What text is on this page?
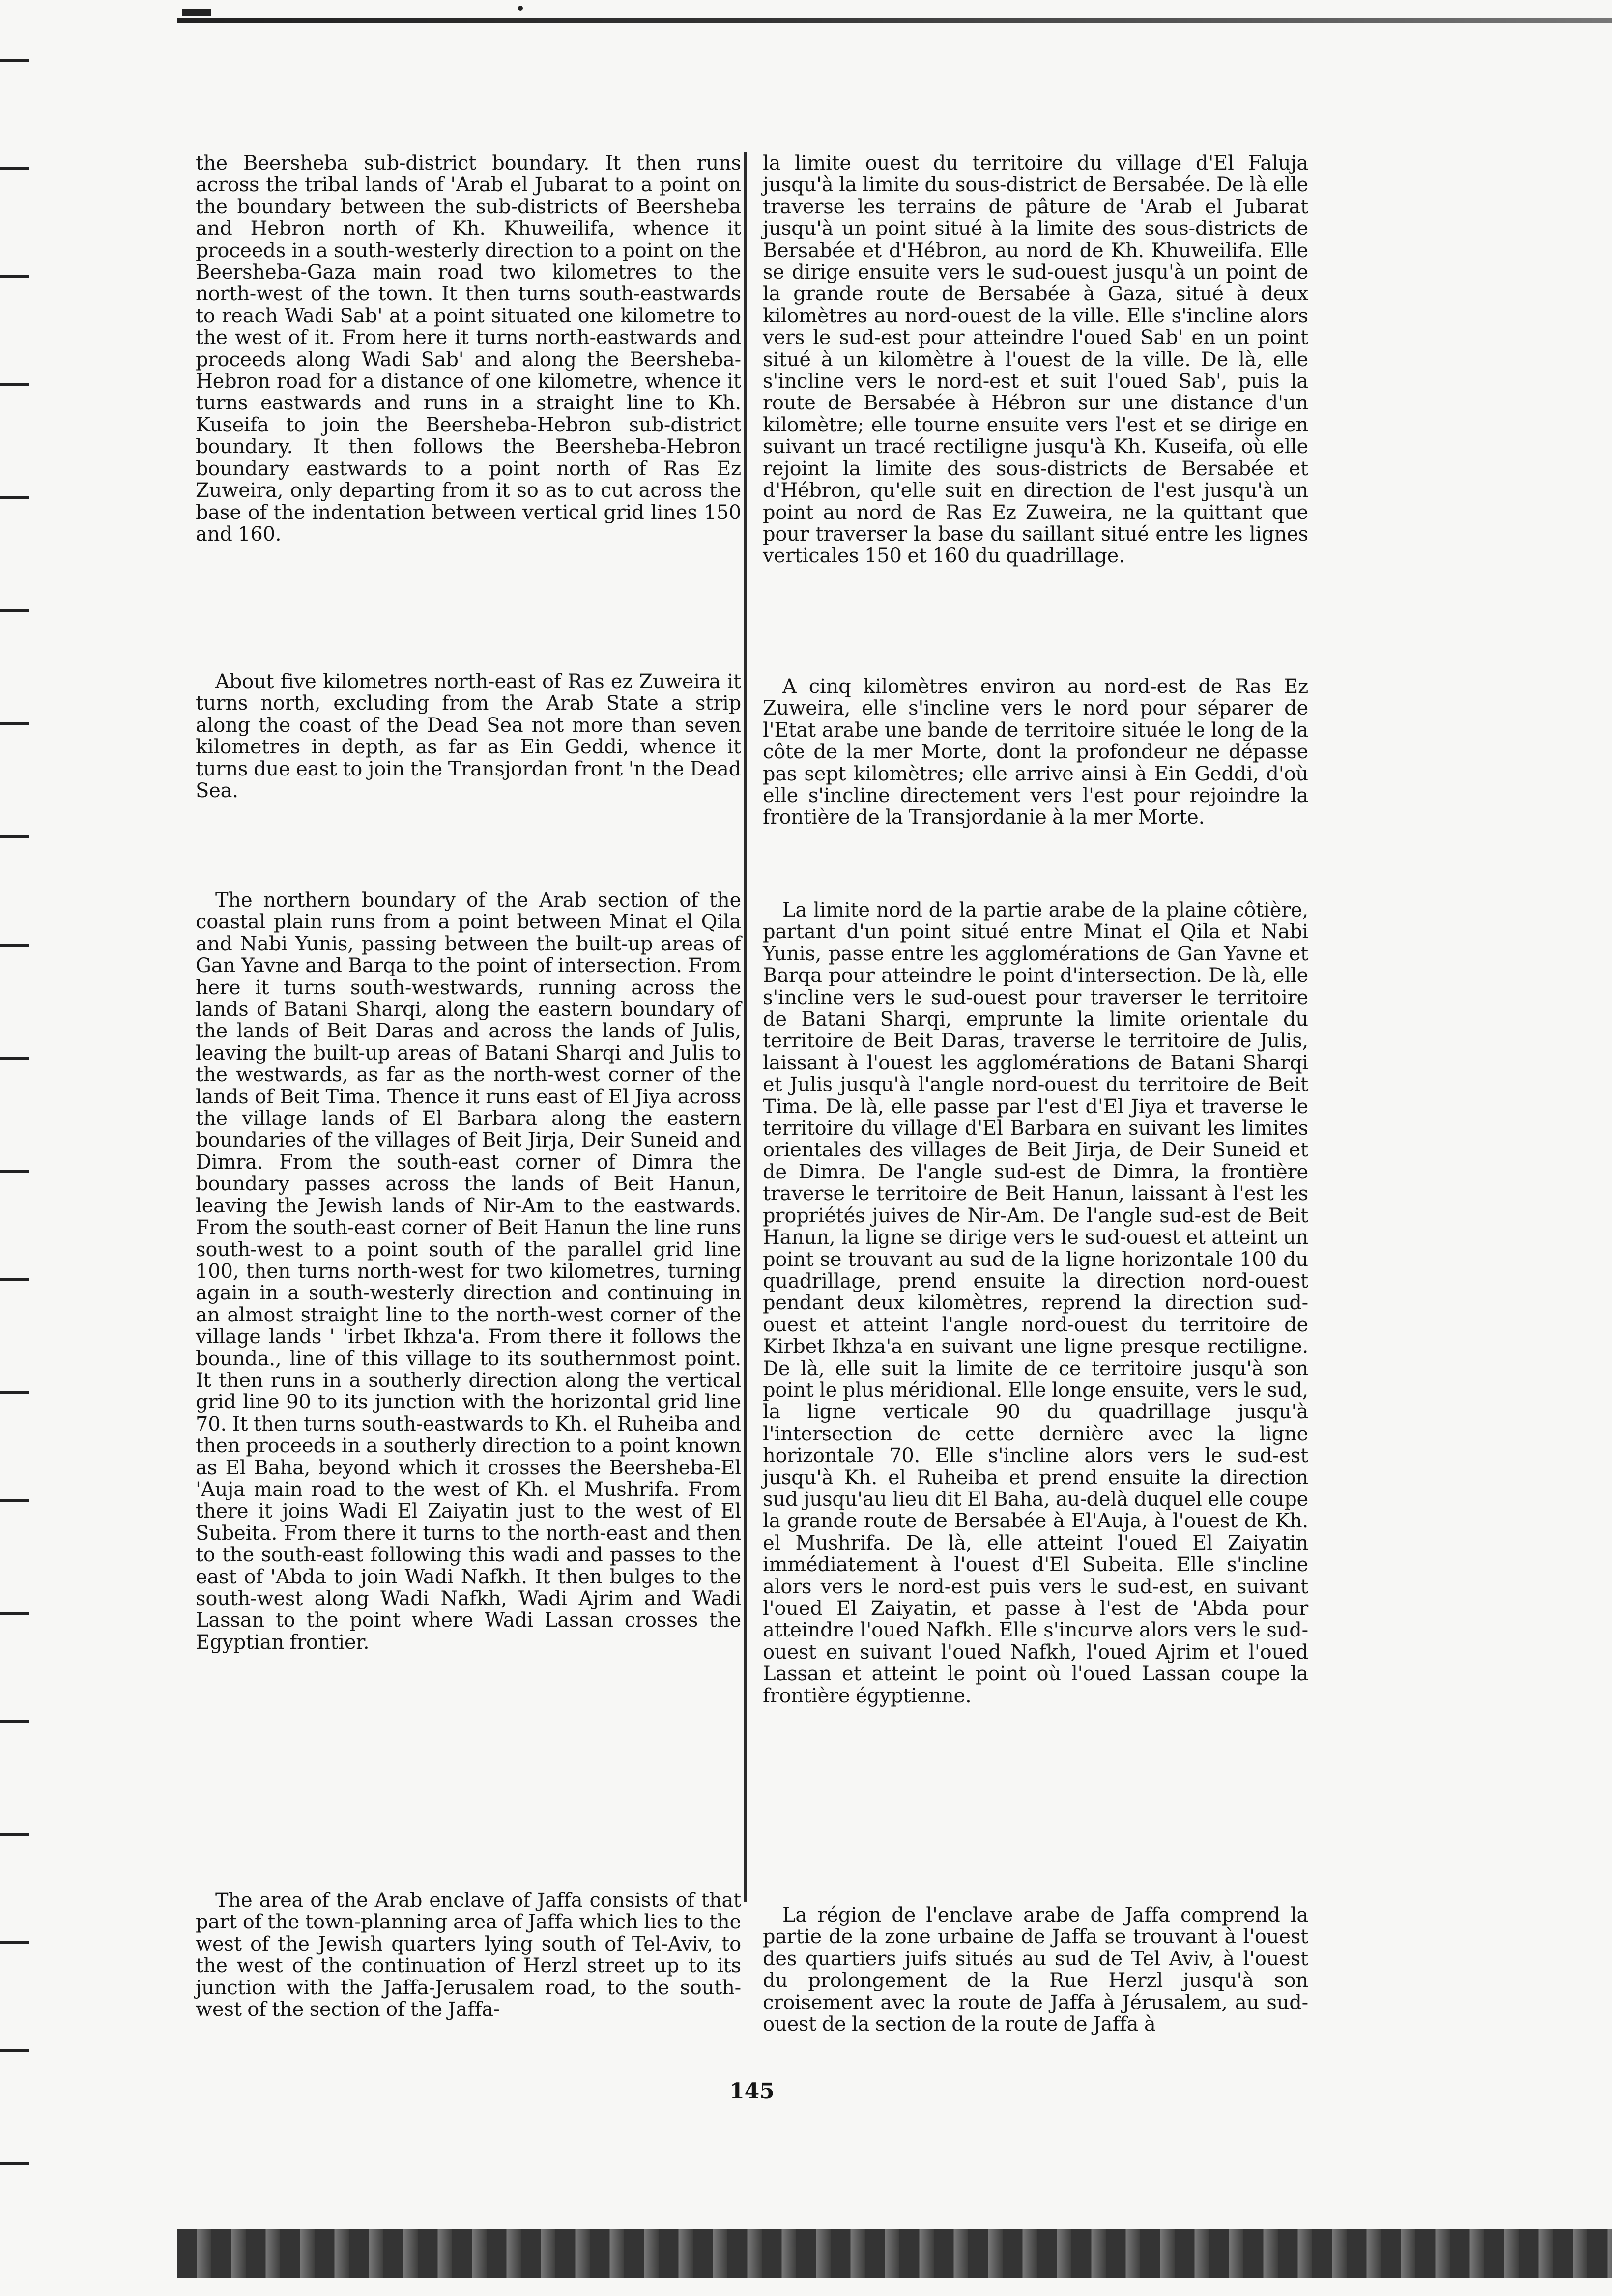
the Beersheba sub-district boundary. It then runs across the tribal lands of 'Arab el Jubarat to a point on the boundary between the sub-districts of Beersheba and Hebron north of Kh. Khuweilifa, whence it proceeds in a south-westerly direction to a point on the Beersheba-Gaza main road two kilometres to the north-west of the town. It then turns south-eastwards to reach Wadi Sab' at a point situated one kilometre to the west of it. From here it turns north-eastwards and proceeds along Wadi Sab' and along the Beersheba-Hebron road for a distance of one kilometre, whence it turns eastwards and runs in a straight line to Kh. Kuseifa to join the Beersheba-Hebron sub-district boundary. It then follows the Beersheba-Hebron boundary eastwards to a point north of Ras Ez Zuweira, only departing from it so as to cut across the base of the indentation between vertical grid lines 150 and 160.

About five kilometres north-east of Ras ez Zuweira it turns north, excluding from the Arab State a strip along the coast of the Dead Sea not more than seven kilometres in depth, as far as Ein Geddi, whence it turns due east to join the Transjordan front 'n the Dead Sea.

The northern boundary of the Arab section of the coastal plain runs from a point between Minat el Qila and Nabi Yunis, passing between the built-up areas of Gan Yavne and Barqa to the point of intersection. From here it turns south-westwards, running across the lands of Batani Sharqi, along the eastern boundary of the lands of Beit Daras and across the lands of Julis, leaving the built-up areas of Batani Sharqi and Julis to the westwards, as far as the north-west corner of the lands of Beit Tima. Thence it runs east of El Jiya across the village lands of El Barbara along the eastern boundaries of the villages of Beit Jirja, Deir Suneid and Dimra. From the south-east corner of Dimra the boundary passes across the lands of Beit Hanun, leaving the Jewish lands of Nir-Am to the eastwards. From the south-east corner of Beit Hanun the line runs south-west to a point south of the parallel grid line 100, then turns north-west for two kilometres, turning again in a south-westerly direction and continuing in an almost straight line to the north-west corner of the village lands ' 'irbet Ikhza'a. From there it follows the bounda., line of this village to its southernmost point. It then runs in a southerly direction along the vertical grid line 90 to its junction with the horizontal grid line 70. It then turns south-eastwards to Kh. el Ruheiba and then proceeds in a southerly direction to a point known as El Baha, beyond which it crosses the Beersheba-El 'Auja main road to the west of Kh. el Mushrifa. From there it joins Wadi El Zaiyatin just to the west of El Subeita. From there it turns to the north-east and then to the south-east following this wadi and passes to the east of 'Abda to join Wadi Nafkh. It then bulges to the south-west along Wadi Nafkh, Wadi Ajrim and Wadi Lassan to the point where Wadi Lassan crosses the Egyptian frontier.

The area of the Arab enclave of Jaffa consists of that part of the town-planning area of Jaffa which lies to the west of the Jewish quarters lying south of Tel-Aviv, to the west of the continuation of Herzl street up to its junction with the Jaffa-Jerusalem road, to the south-west of the section of the Jaffa-

la limite ouest du territoire du village d'El Faluja jusqu'à la limite du sous-district de Bersabée. De là elle traverse les terrains de pâture de 'Arab el Jubarat jusqu'à un point situé à la limite des sous-districts de Bersabée et d'Hébron, au nord de Kh. Khuweilifa. Elle se dirige ensuite vers le sud-ouest jusqu'à un point de la grande route de Bersabée à Gaza, situé à deux kilomètres au nord-ouest de la ville. Elle s'incline alors vers le sud-est pour atteindre l'oued Sab' en un point situé à un kilomètre à l'ouest de la ville. De là, elle s'incline vers le nord-est et suit l'oued Sab', puis la route de Bersabée à Hébron sur une distance d'un kilomètre; elle tourne ensuite vers l'est et se dirige en suivant un tracé rectiligne jusqu'à Kh. Kuseifa, où elle rejoint la limite des sous-districts de Bersabée et d'Hébron, qu'elle suit en direction de l'est jusqu'à un point au nord de Ras Ez Zuweira, ne la quittant que pour traverser la base du saillant situé entre les lignes verticales 150 et 160 du quadrillage.

A cinq kilomètres environ au nord-est de Ras Ez Zuweira, elle s'incline vers le nord pour séparer de l'Etat arabe une bande de territoire située le long de la côte de la mer Morte, dont la profondeur ne dépasse pas sept kilomètres; elle arrive ainsi à Ein Geddi, d'où elle s'incline directement vers l'est pour rejoindre la frontière de la Transjordanie à la mer Morte.

La limite nord de la partie arabe de la plaine côtière, partant d'un point situé entre Minat el Qila et Nabi Yunis, passe entre les agglomérations de Gan Yavne et Barqa pour atteindre le point d'intersection. De là, elle s'incline vers le sud-ouest pour traverser le territoire de Batani Sharqi, emprunte la limite orientale du territoire de Beit Daras, traverse le territoire de Julis, laissant à l'ouest les agglomérations de Batani Sharqi et Julis jusqu'à l'angle nord-ouest du territoire de Beit Tima. De là, elle passe par l'est d'El Jiya et traverse le territoire du village d'El Barbara en suivant les limites orientales des villages de Beit Jirja, de Deir Suneid et de Dimra. De l'angle sud-est de Dimra, la frontière traverse le territoire de Beit Hanun, laissant à l'est les propriétés juives de Nir-Am. De l'angle sud-est de Beit Hanun, la ligne se dirige vers le sud-ouest et atteint un point se trouvant au sud de la ligne horizontale 100 du quadrillage, prend ensuite la direction nord-ouest pendant deux kilomètres, reprend la direction sud-ouest et atteint l'angle nord-ouest du territoire de Kirbet Ikhza'a en suivant une ligne presque rectiligne. De là, elle suit la limite de ce territoire jusqu'à son point le plus méridional. Elle longe ensuite, vers le sud, la ligne verticale 90 du quadrillage jusqu'à l'intersection de cette dernière avec la ligne horizontale 70. Elle s'incline alors vers le sud-est jusqu'à Kh. el Ruheiba et prend ensuite la direction sud jusqu'au lieu dit El Baha, au-delà duquel elle coupe la grande route de Bersabée à El'Auja, à l'ouest de Kh. el Mushrifa. De là, elle atteint l'oued El Zaiyatin immédiatement à l'ouest d'El Subeita. Elle s'incline alors vers le nord-est puis vers le sud-est, en suivant l'oued El Zaiyatin, et passe à l'est de 'Abda pour atteindre l'oued Nafkh. Elle s'incurve alors vers le sud-ouest en suivant l'oued Nafkh, l'oued Ajrim et l'oued Lassan et atteint le point où l'oued Lassan coupe la frontière égyptienne.

La région de l'enclave arabe de Jaffa comprend la partie de la zone urbaine de Jaffa se trouvant à l'ouest des quartiers juifs situés au sud de Tel Aviv, à l'ouest du prolongement de la Rue Herzl jusqu'à son croisement avec la route de Jaffa à Jérusalem, au sud-ouest de la section de la route de Jaffa à

145
